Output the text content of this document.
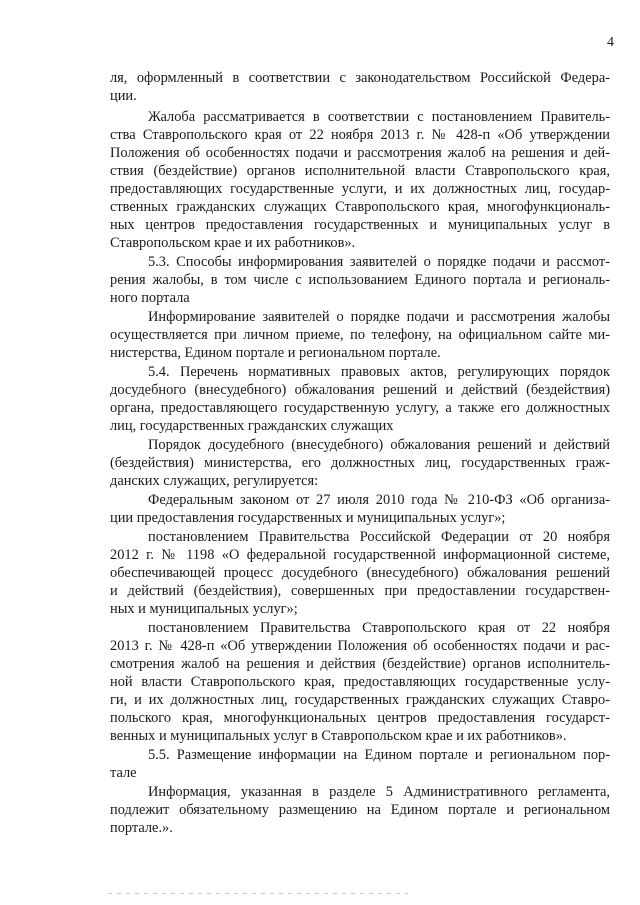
4
ля, оформленный в соответствии с законодательством Российской Федера-
ции.
Жалоба рассматривается в соответствии с постановлением Правитель-
ства Ставропольского края от 22 ноября 2013 г. № 428-п «Об утверждении
Положения об особенностях подачи и рассмотрения жалоб на решения и дей-
ствия (бездействие) органов исполнительной власти Ставропольского края,
предоставляющих государственные услуги, и их должностных лиц, государ-
ственных гражданских служащих Ставропольского края, многофункциональ-
ных центров предоставления государственных и муниципальных услуг в
Ставропольском крае и их работников».
5.3. Способы информирования заявителей о порядке подачи и рассмот-
рения жалобы, в том числе с использованием Единого портала и региональ-
ного портала
Информирование заявителей о порядке подачи и рассмотрения жалобы
осуществляется при личном приеме, по телефону, на официальном сайте ми-
нистерства, Едином портале и региональном портале.
5.4. Перечень нормативных правовых актов, регулирующих порядок
досудебного (внесудебного) обжалования решений и действий (бездействия)
органа, предоставляющего государственную услугу, а также его должностных
лиц, государственных гражданских служащих
Порядок досудебного (внесудебного) обжалования решений и действий
(бездействия) министерства, его должностных лиц, государственных граж-
данских служащих, регулируется:
Федеральным законом от 27 июля 2010 года № 210-ФЗ «Об организа-
ции предоставления государственных и муниципальных услуг»;
постановлением Правительства Российской Федерации от 20 ноября
2012 г. № 1198 «О федеральной государственной информационной системе,
обеспечивающей процесс досудебного (внесудебного) обжалования решений
и действий (бездействия), совершенных при предоставлении государствен-
ных и муниципальных услуг»;
постановлением Правительства Ставропольского края от 22 ноября
2013 г. № 428-п «Об утверждении Положения об особенностях подачи и рас-
смотрения жалоб на решения и действия (бездействие) органов исполнитель-
ной власти Ставропольского края, предоставляющих государственные услу-
ги, и их должностных лиц, государственных гражданских служащих Ставро-
польского края, многофункциональных центров предоставления государст-
венных и муниципальных услуг в Ставропольском крае и их работников».
5.5. Размещение информации на Едином портале и региональном пор-
тале
Информация, указанная в разделе 5 Административного регламента,
подлежит обязательному размещению на Едином портале и региональном
портале.».
